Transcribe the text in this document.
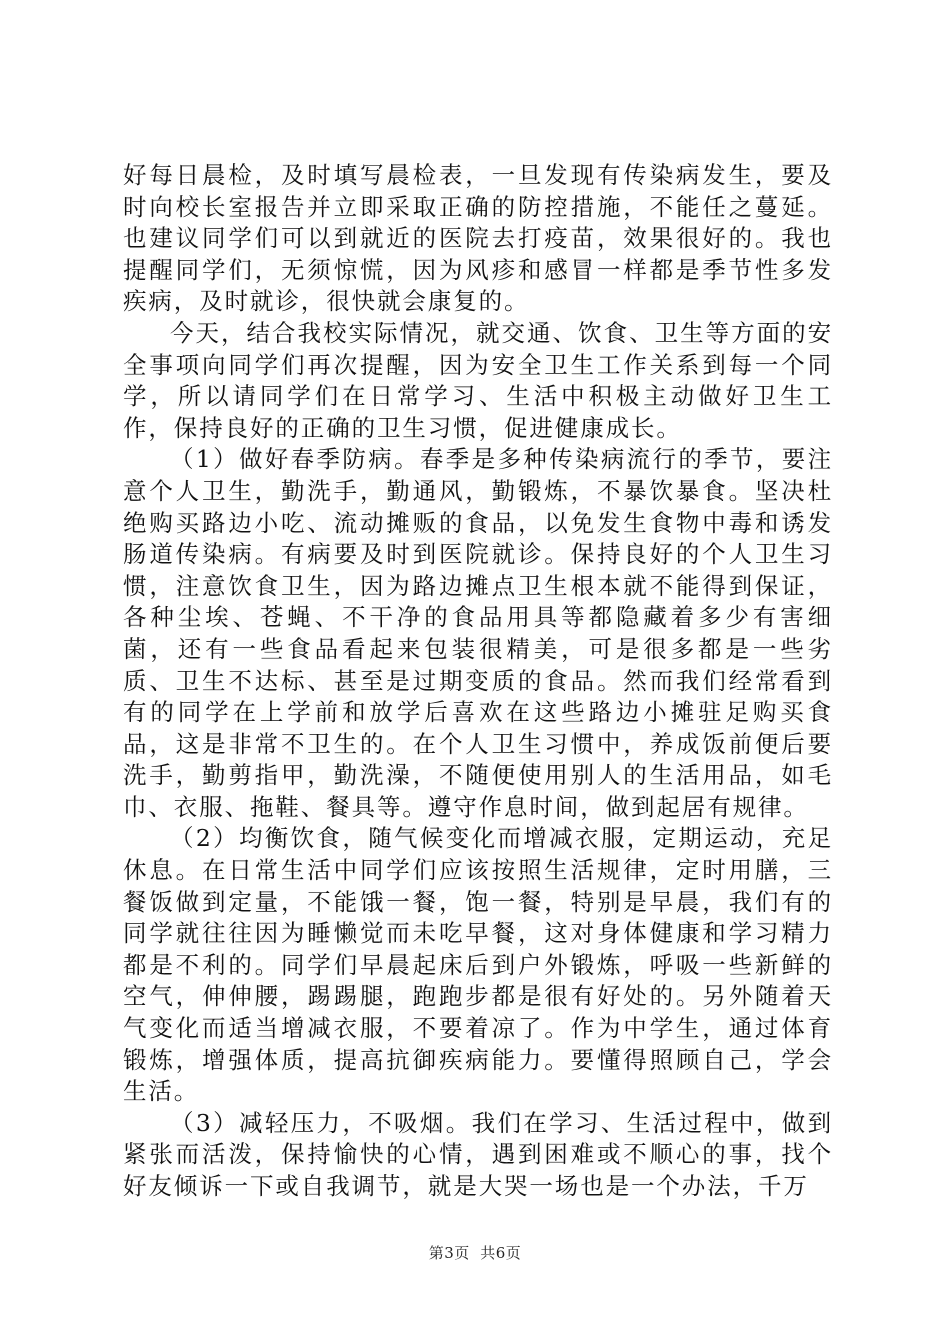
好每日晨检，及时填写晨检表，一旦发现有传染病发生，要及时向校长室报告并立即采取正确的防控措施，不能任之蔓延。也建议同学们可以到就近的医院去打疫苗，效果很好的。我也提醒同学们，无须惊慌，因为风疹和感冒一样都是季节性多发疾病，及时就诊，很快就会康复的。

今天，结合我校实际情况，就交通、饮食、卫生等方面的安全事项向同学们再次提醒，因为安全卫生工作关系到每一个同学，所以请同学们在日常学习、生活中积极主动做好卫生工作，保持良好的正确的卫生习惯，促进健康成长。

（1）做好春季防病。春季是多种传染病流行的季节，要注意个人卫生，勤洗手，勤通风，勤锻炼，不暴饮暴食。坚决杜绝购买路边小吃、流动摊贩的食品，以免发生食物中毒和诱发肠道传染病。有病要及时到医院就诊。保持良好的个人卫生习惯，注意饮食卫生，因为路边摊点卫生根本就不能得到保证，各种尘埃、苍蝇、不干净的食品用具等都隐藏着多少有害细菌，还有一些食品看起来包装很精美，可是很多都是一些劣质、卫生不达标、甚至是过期变质的食品。然而我们经常看到有的同学在上学前和放学后喜欢在这些路边小摊驻足购买食品，这是非常不卫生的。在个人卫生习惯中，养成饭前便后要洗手，勤剪指甲，勤洗澡，不随便使用别人的生活用品，如毛巾、衣服、拖鞋、餐具等。遵守作息时间，做到起居有规律。

（2）均衡饮食，随气候变化而增减衣服，定期运动，充足休息。在日常生活中同学们应该按照生活规律，定时用膳，三餐饭做到定量，不能饿一餐，饱一餐，特别是早晨，我们有的同学就往往因为睡懒觉而未吃早餐，这对身体健康和学习精力都是不利的。同学们早晨起床后到户外锻炼，呼吸一些新鲜的空气，伸伸腰，踢踢腿，跑跑步都是很有好处的。另外随着天气变化而适当增减衣服，不要着凉了。作为中学生，通过体育锻炼，增强体质，提高抗御疾病能力。要懂得照顾自己，学会生活。

（3）减轻压力，不吸烟。我们在学习、生活过程中，做到紧张而活泼，保持愉快的心情，遇到困难或不顺心的事，找个好友倾诉一下或自我调节，就是大哭一场也是一个办法，千万

第3页  共6页
